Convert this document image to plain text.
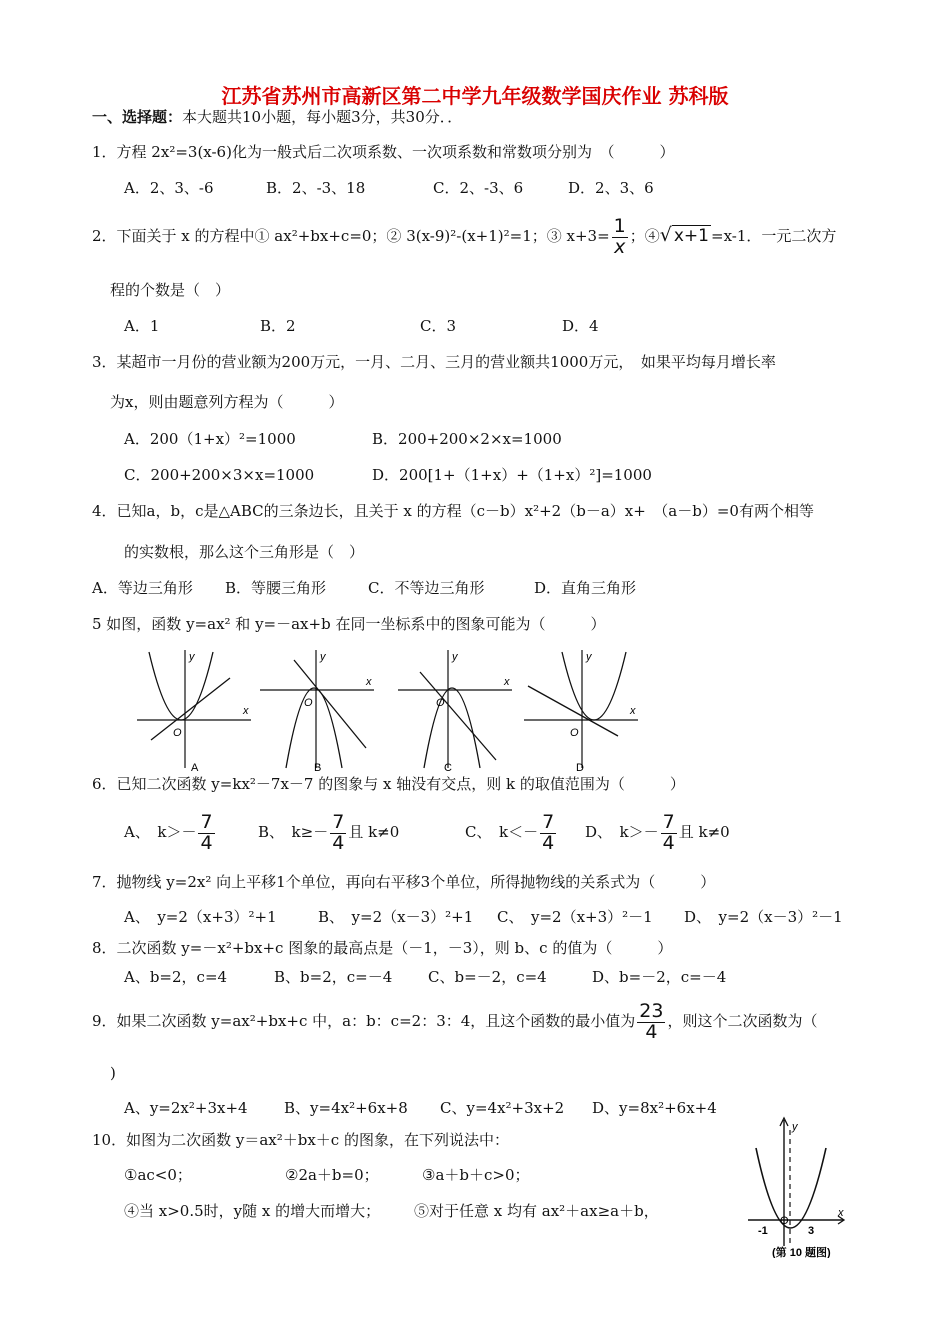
江苏省苏州市高新区第二中学九年级数学国庆作业 苏科版
一、选择题：本大题共10小题，每小题3分，共30分．．
1．方程 2x²=3(x-6)化为一般式后二次项系数、一次项系数和常数项分别为　（　　　）
A．2、3、-6	B．2、-3、18	C．2、-3、6	D．2、3、6
2．下面关于 x 的方程中① ax²+bx+c=0；② 3(x-9)²-(x+1)²=1；③ $x+3= \frac{1}{x}$ ；④√ x+1 =x-1．一元二次方
程的个数是（　）
A．1	B．2	C．3	D．4
3．某超市一月份的营业额为200万元，一月、二月、三月的营业额共1000万元，　如果平均每月增长率
为x，则由题意列方程为（　　　）
A．200（1+x）²=1000	B．200+200×2×x=1000
C．200+200×3×x=1000	D．200[1+（1+x）+（1+x）²]=1000
4．已知a，b，c是△ABC的三条边长，且关于 x 的方程（c－b）x²+2（b－a）x+　（a－b）=0有两个相等
的实数根，那么这个三角形是（　）
A．等边三角形 B．等腰三角形	C．不等边三角形	D．直角三角形
5 如图，函数 y=ax² 和 y=－ax+b 在同一坐标系中的图象可能为（　　　）
x
y
O
A
x
y
O
B
x
y
O
C
x
y
O
D
6．已知二次函数 y=kx²－7x－7 的图象与 x 轴没有交点，则 k 的取值范围为（　　　）
A、　 $k>- \frac{7}{4}$	B、　 $k\ge- \frac{7}{4}$ 且 k≠0	C、　 $k<- \frac{7}{4}$ D、　 $k>- \frac{7}{4}$ 且 k≠0
7．抛物线 y=2x² 向上平移1个单位，再向右平移3个单位，所得抛物线的关系式为（　　　）
A、　y=2（x+3）²+1	B、　y=2（x－3）²+1 C、　y=2（x+3）²－1 D、　y=2（x－3）²－1
8．二次函数 y=－x²+bx+c 图象的最高点是（－1，－3），则 b、c 的值为（　　　）
A、b=2，c=4	B、b=2，c=－4 C、b=－2，c=4	D、b=－2，c=－4
9．如果二次函数 y=ax²+bx+c 中，a：b：c=2：3：4，且这个函数的最小值为 $\frac{23}{4}$ ，则这个二次函数为（
)
A、y=2x²+3x+4 B、y=4x²+6x+8 C、y=4x²+3x+2 D、y=8x²+6x+4
10．如图为二次函数 y＝ax²＋bx＋c 的图象，在下列说法中：
①ac<0；	②2a＋b=0；	③a＋b＋c>0；
④当 x>0.5时，y随 x 的增大而增大； ⑤对于任意 x 均有 ax²＋ax≥a＋b，
y
x
-1
O
3
(第 10 题图)
